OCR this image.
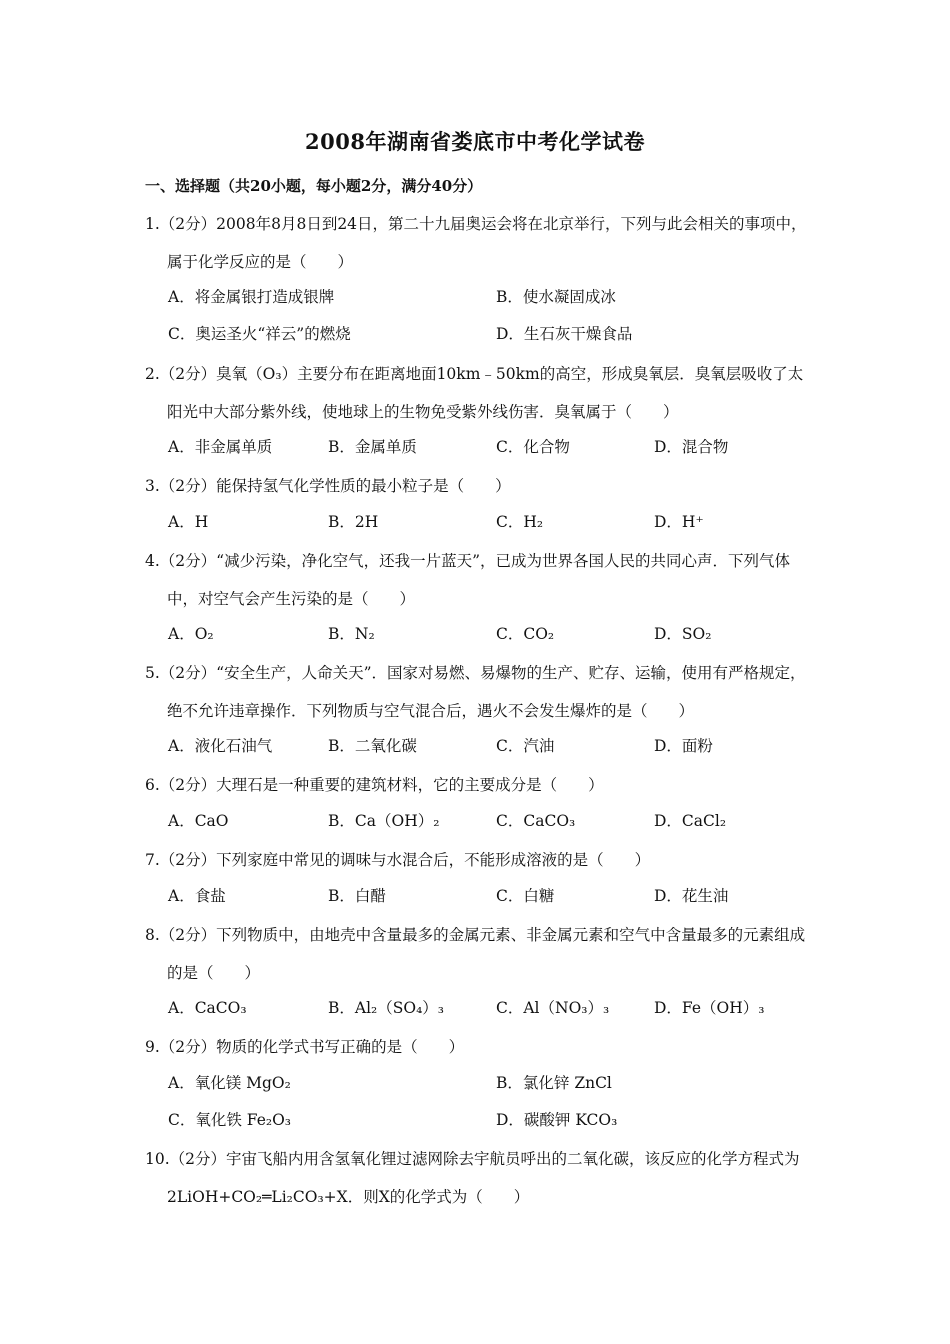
2008年湖南省娄底市中考化学试卷
一、选择题（共20小题，每小题2分，满分40分）
1.（2分）2008年8月8日到24日，第二十九届奥运会将在北京举行，下列与此会相关的事项中，属于化学反应的是（　　）
A．将金属银打造成银牌	B．使水凝固成冰
C．奥运圣火“祥云”的燃烧	D．生石灰干燥食品
2.（2分）臭氧（O₃）主要分布在距离地面10km﹣50km的高空，形成臭氧层．臭氧层吸收了太阳光中大部分紫外线，使地球上的生物免受紫外线伤害．臭氧属于（　　）
A．非金属单质	B．金属单质	C．化合物	D．混合物
3.（2分）能保持氢气化学性质的最小粒子是（　　）
A．H	B．2H	C．H₂	D．H⁺
4.（2分）“减少污染，净化空气，还我一片蓝天”，已成为世界各国人民的共同心声．下列气体中，对空气会产生污染的是（　　）
A．O₂	B．N₂	C．CO₂	D．SO₂
5.（2分）“安全生产，人命关天”．国家对易燃、易爆物的生产、贮存、运输，使用有严格规定，绝不允许违章操作．下列物质与空气混合后，遇火不会发生爆炸的是（　　）
A．液化石油气	B．二氧化碳	C．汽油	D．面粉
6.（2分）大理石是一种重要的建筑材料，它的主要成分是（　　）
A．CaO	B．Ca（OH）₂	C．CaCO₃	D．CaCl₂
7.（2分）下列家庭中常见的调味与水混合后，不能形成溶液的是（　　）
A．食盐	B．白醋	C．白糖	D．花生油
8.（2分）下列物质中，由地壳中含量最多的金属元素、非金属元素和空气中含量最多的元素组成的是（　　）
A．CaCO₃	B．Al₂（SO₄）₃	C．Al（NO₃）₃	D．Fe（OH）₃
9.（2分）物质的化学式书写正确的是（　　）
A．氧化镁 MgO₂	B．氯化锌 ZnCl
C．氧化铁 Fe₂O₃	D．碳酸钾 KCO₃
10.（2分）宇宙飞船内用含氢氧化锂过滤网除去宇航员呼出的二氧化碳，该反应的化学方程式为2LiOH+CO₂═Li₂CO₃+X．则X的化学式为（　　）
